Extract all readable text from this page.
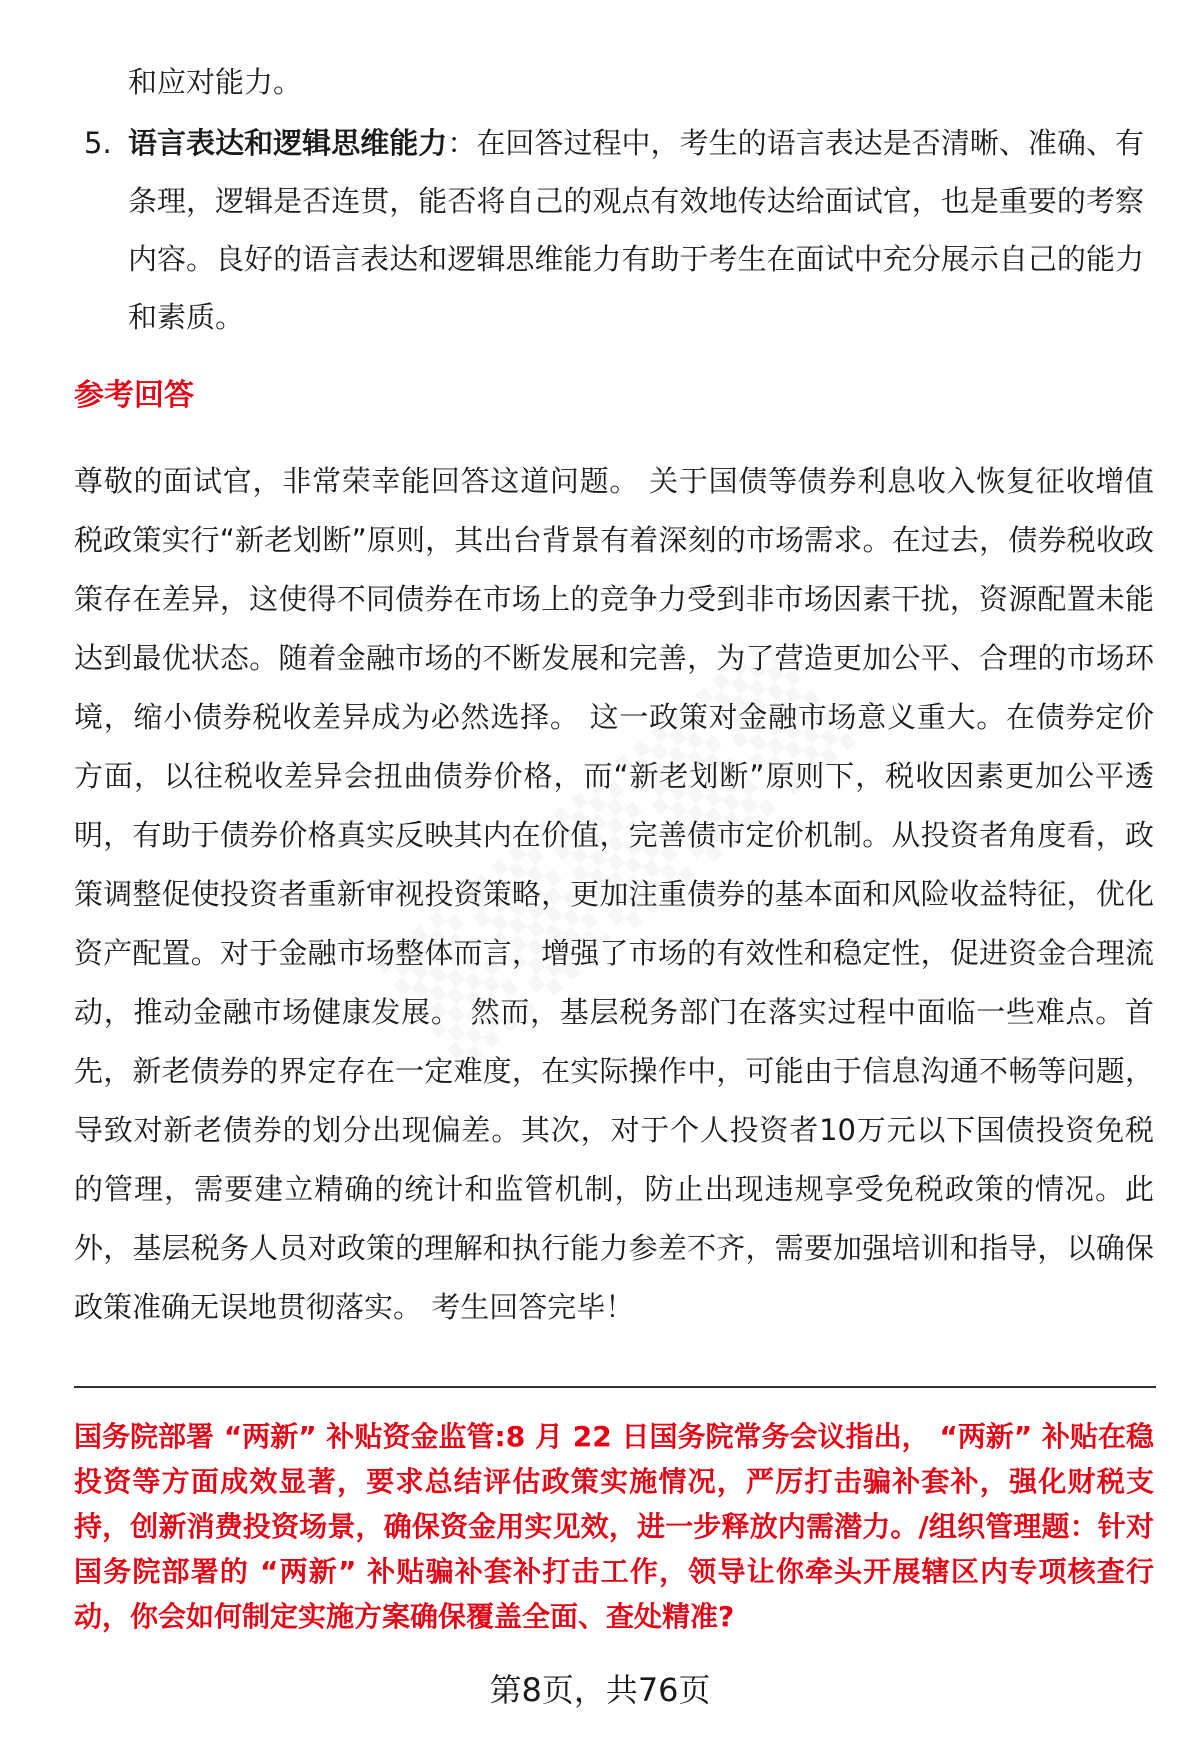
和应对能力。
5. 语言表达和逻辑思维能力：在回答过程中，考生的语言表达是否清晰、准确、有条理，逻辑是否连贯，能否将自己的观点有效地传达给面试官，也是重要的考察内容。良好的语言表达和逻辑思维能力有助于考生在面试中充分展示自己的能力和素质。
参考回答

尊敬的面试官，非常荣幸能回答这道问题。 关于国债等债券利息收入恢复征收增值税政策实行“新老划断”原则，其出台背景有着深刻的市场需求。在过去，债券税收政策存在差异，这使得不同债券在市场上的竞争力受到非市场因素干扰，资源配置未能达到最优状态。随着金融市场的不断发展和完善，为了营造更加公平、合理的市场环境，缩小债券税收差异成为必然选择。 这一政策对金融市场意义重大。在债券定价方面，以往税收差异会扭曲债券价格，而“新老划断”原则下，税收因素更加公平透明，有助于债券价格真实反映其内在价值，完善债市定价机制。从投资者角度看，政策调整促使投资者重新审视投资策略，更加注重债券的基本面和风险收益特征，优化资产配置。对于金融市场整体而言，增强了市场的有效性和稳定性，促进资金合理流动，推动金融市场健康发展。 然而，基层税务部门在落实过程中面临一些难点。首先，新老债券的界定存在一定难度，在实际操作中，可能由于信息沟通不畅等问题，导致对新老债券的划分出现偏差。其次，对于个人投资者10万元以下国债投资免税的管理，需要建立精确的统计和监管机制，防止出现违规享受免税政策的情况。此外，基层税务人员对政策的理解和执行能力参差不齐，需要加强培训和指导，以确保政策准确无误地贯彻落实。 考生回答完毕！

国务院部署 “两新” 补贴资金监管:8 月 22 日国务院常务会议指出， “两新” 补贴在稳投资等方面成效显著，要求总结评估政策实施情况，严厉打击骗补套补，强化财税支持，创新消费投资场景，确保资金用实见效，进一步释放内需潜力。/组织管理题：针对国务院部署的 “两新” 补贴骗补套补打击工作，领导让你牵头开展辖区内专项核查行动，你会如何制定实施方案确保覆盖全面、查处精准?

第8页，共76页
